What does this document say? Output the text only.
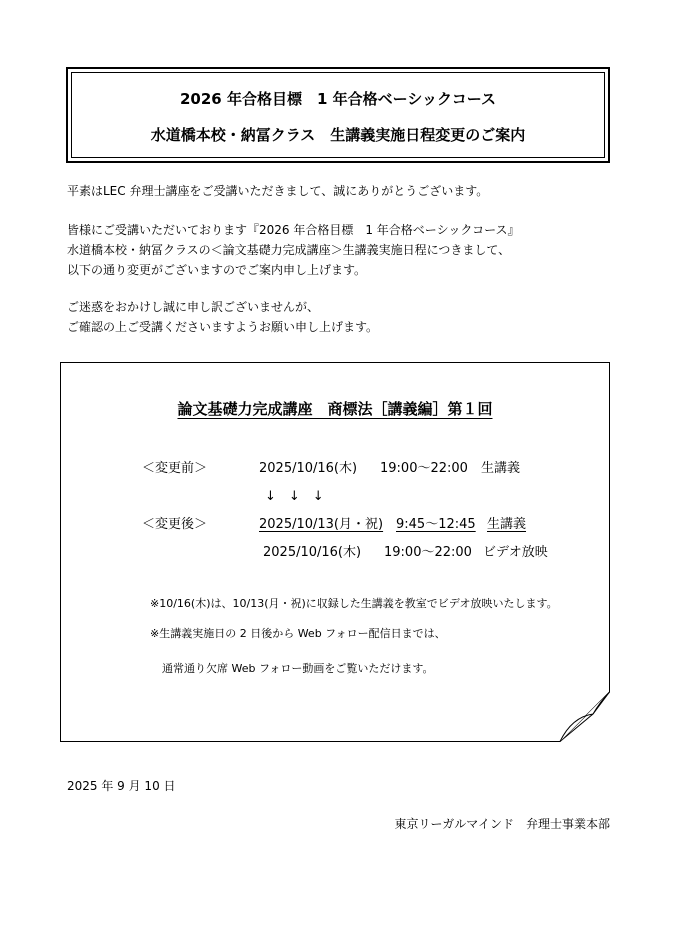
2026 年合格目標　1 年合格ベーシックコース
水道橋本校・納冨クラス　生講義実施日程変更のご案内
平素はLEC 弁理士講座をご受講いただきまして、誠にありがとうございます。
皆様にご受講いただいております『2026 年合格目標　1 年合格ベーシックコース』
水道橋本校・納冨クラスの＜論文基礎力完成講座＞生講義実施日程につきまして、
以下の通り変更がございますのでご案内申し上げます。
ご迷惑をおかけし誠に申し訳ございませんが、
ご確認の上ご受講くださいますようお願い申し上げます。
論文基礎力完成講座　商標法［講義編］第１回
＜変更前＞	2025/10/16(木) 19:00～22:00 生講義
↓　↓　↓
＜変更後＞	2025/10/13(月・祝) 9:45～12:45 生講義
2025/10/16(木) 19:00～22:00 ビデオ放映
※10/16(木)は、10/13(月・祝)に収録した生講義を教室でビデオ放映いたします。
※生講義実施日の 2 日後から Web フォロー配信日までは、
通常通り欠席 Web フォロー動画をご覧いただけます。
2025 年 9 月 10 日
東京リーガルマインド　弁理士事業本部
